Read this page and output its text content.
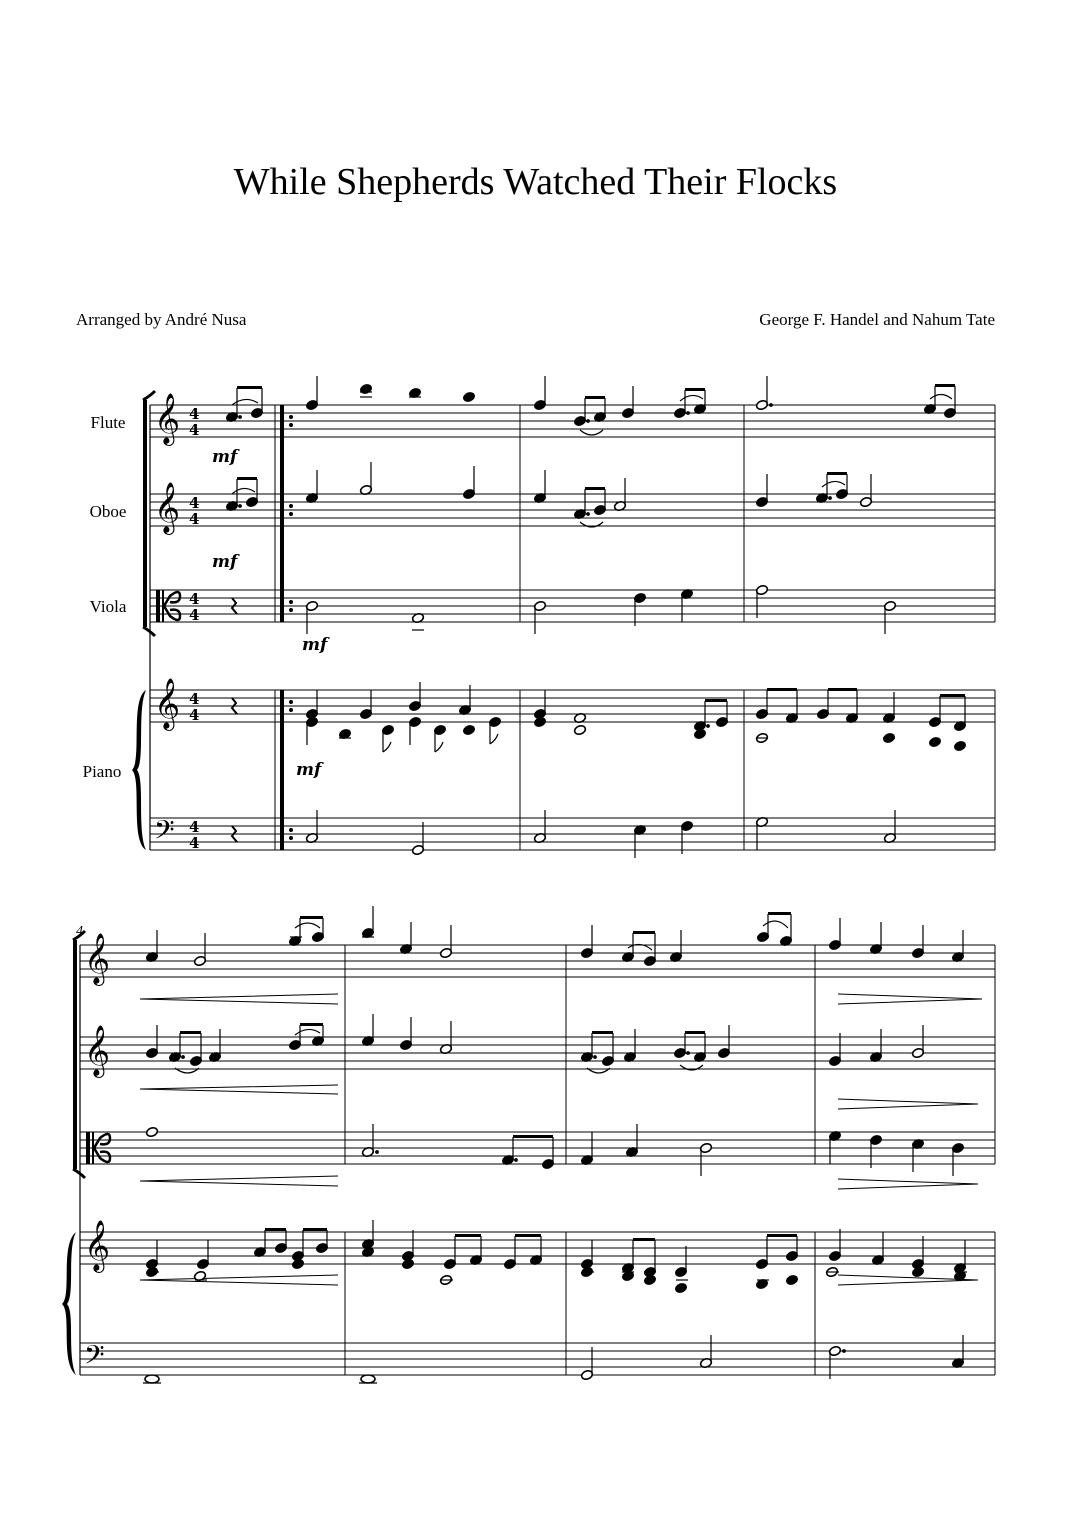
While Shepherds Watched Their Flocks
Arranged by André Nusa	George F. Handel and Nahum Tate
Flute
Oboe
Viola
Piano
𝄞
𝄞
𝄞
𝄢
4
4
4
4
4
4
4
4
4
4
mf
mf
mf
mf
4
𝄞
𝄞
𝄞
𝄢
